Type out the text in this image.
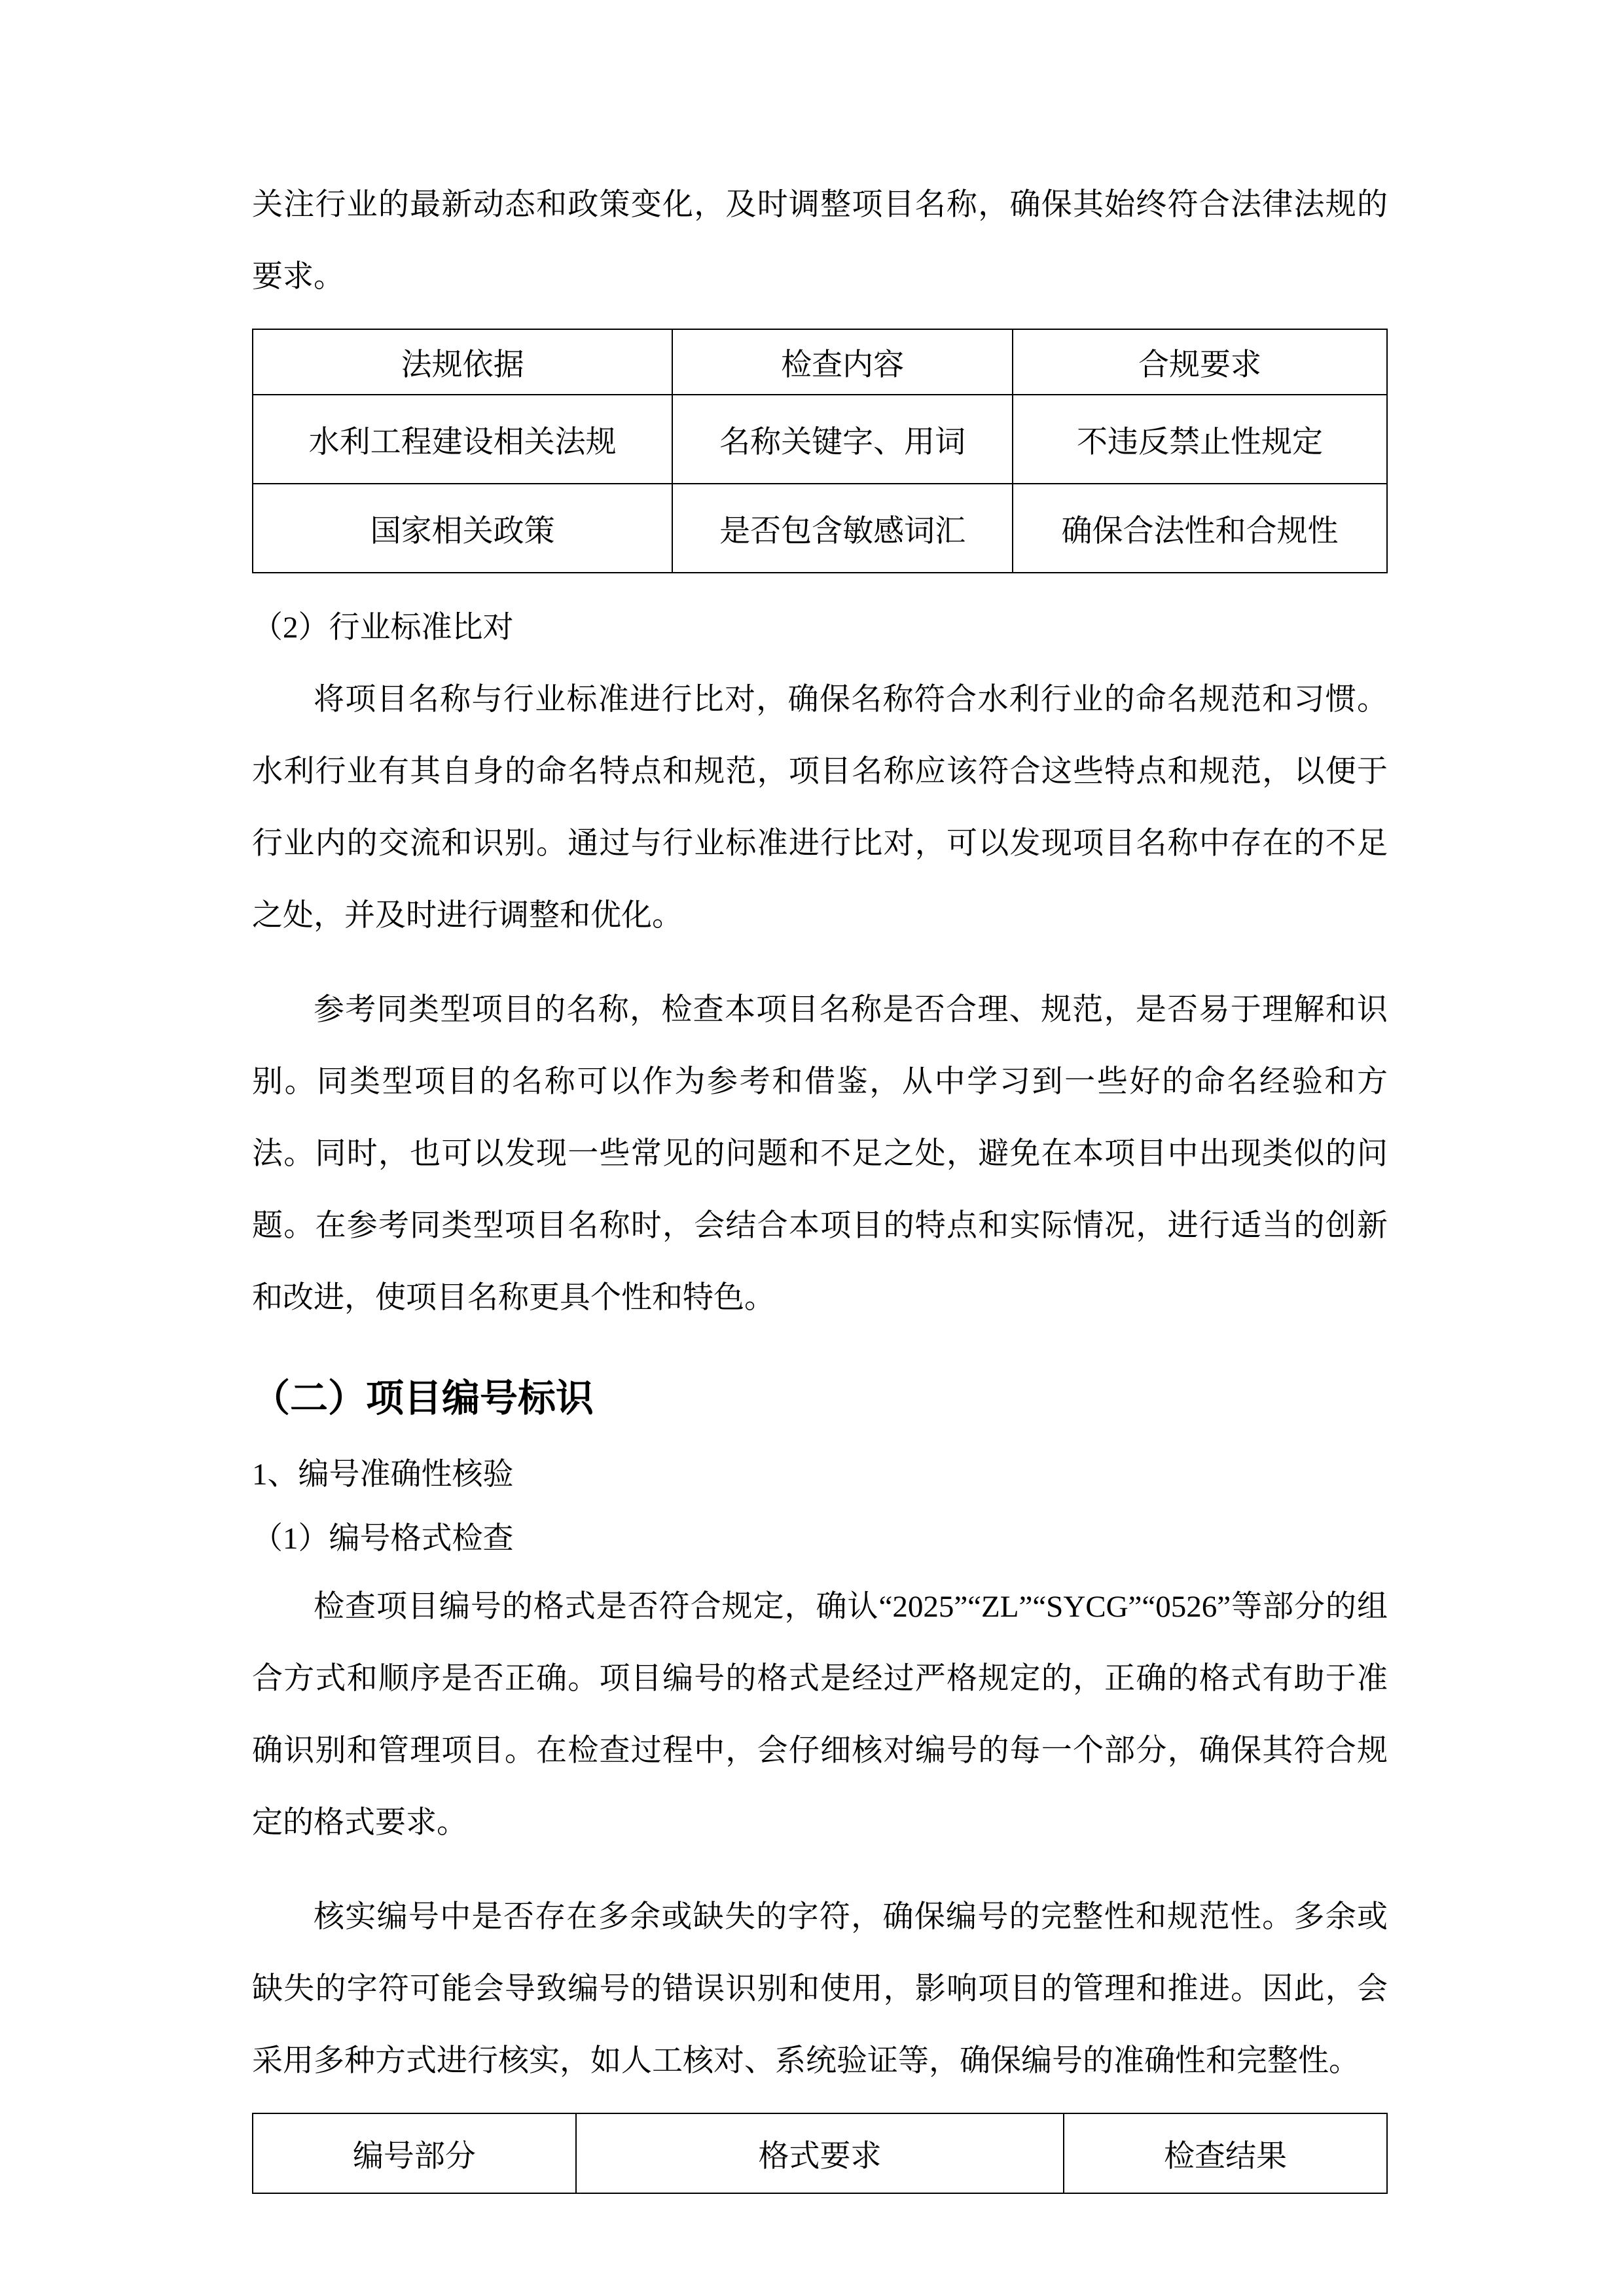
关注行业的最新动态和政策变化，及时调整项目名称，确保其始终符合法律法规的要求。

法规依据	检查内容	合规要求
水利工程建设相关法规	名称关键字、用词	不违反禁止性规定
国家相关政策	是否包含敏感词汇	确保合法性和合规性

（2）行业标准比对

将项目名称与行业标准进行比对，确保名称符合水利行业的命名规范和习惯。水利行业有其自身的命名特点和规范，项目名称应该符合这些特点和规范，以便于行业内的交流和识别。通过与行业标准进行比对，可以发现项目名称中存在的不足之处，并及时进行调整和优化。

参考同类型项目的名称，检查本项目名称是否合理、规范，是否易于理解和识别。同类型项目的名称可以作为参考和借鉴，从中学习到一些好的命名经验和方法。同时，也可以发现一些常见的问题和不足之处，避免在本项目中出现类似的问题。在参考同类型项目名称时，会结合本项目的特点和实际情况，进行适当的创新和改进，使项目名称更具个性和特色。

（二）项目编号标识

1、编号准确性核验

（1）编号格式检查

检查项目编号的格式是否符合规定，确认“2025”“ZL”“SYCG”“0526”等部分的组合方式和顺序是否正确。项目编号的格式是经过严格规定的，正确的格式有助于准确识别和管理项目。在检查过程中，会仔细核对编号的每一个部分，确保其符合规定的格式要求。

核实编号中是否存在多余或缺失的字符，确保编号的完整性和规范性。多余或缺失的字符可能会导致编号的错误识别和使用，影响项目的管理和推进。因此，会采用多种方式进行核实，如人工核对、系统验证等，确保编号的准确性和完整性。

编号部分	格式要求	检查结果
